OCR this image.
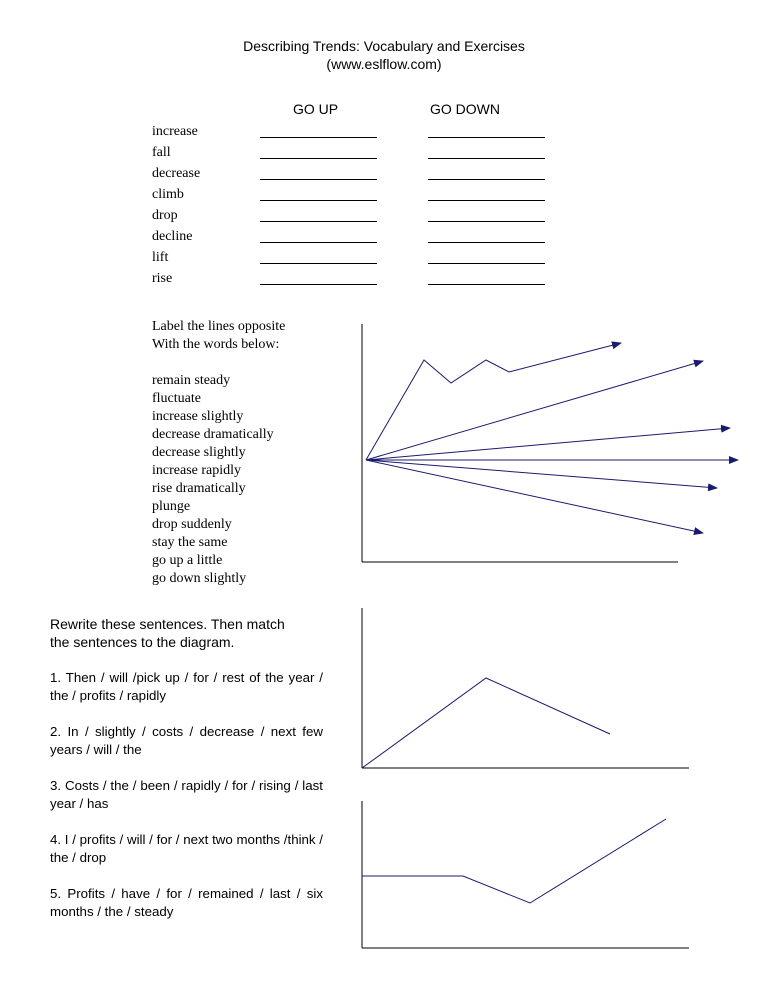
Describing Trends: Vocabulary and Exercises
(www.eslflow.com)
GO UP	GO DOWN
increase
fall
decrease
climb
drop
decline
lift
rise
Label the lines opposite
With the words below:
remain steady
fluctuate
increase slightly
decrease dramatically
decrease slightly
increase rapidly
rise dramatically
plunge
drop suddenly
stay the same
go up a little
go down slightly
Rewrite these sentences. Then match
the sentences to the diagram.
1. Then / will /pick up / for / rest of the year / the / profits / rapidly
2. In / slightly / costs / decrease / next few years / will / the
3. Costs / the / been / rapidly / for / rising / last year / has
4. I / profits / will / for / next two months /think / the / drop
5. Profits / have / for / remained / last / six months / the / steady
